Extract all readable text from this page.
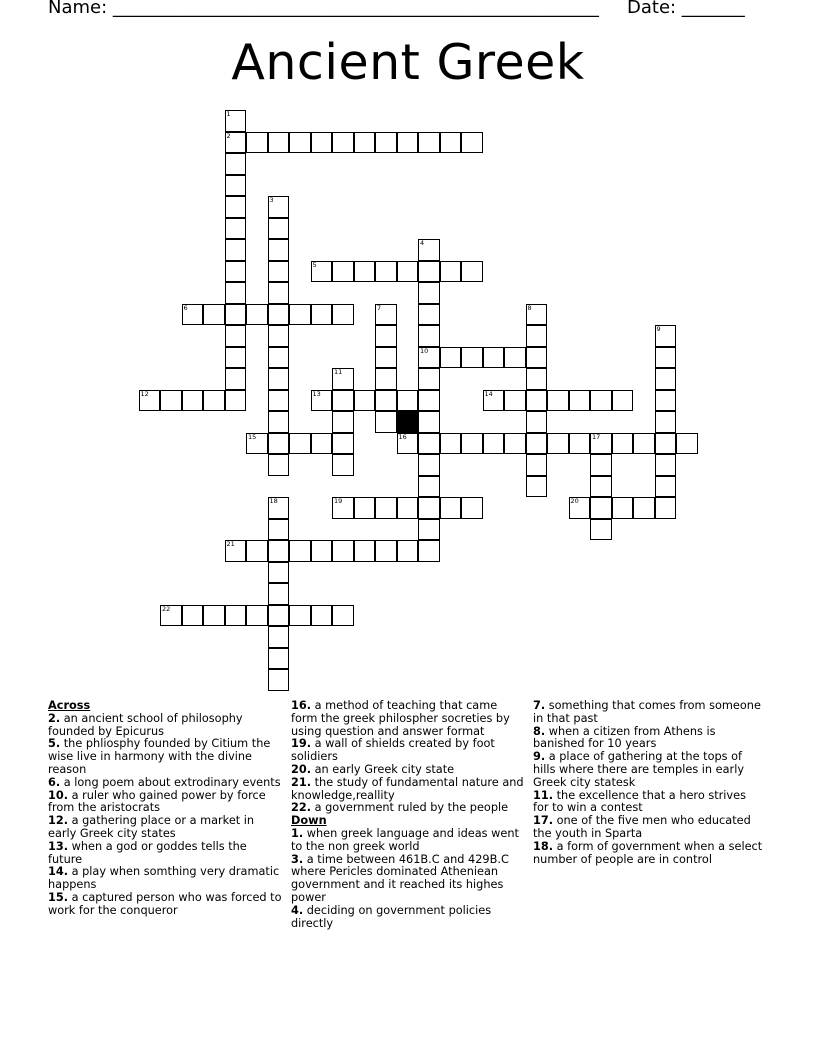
Name: ______________________________________________________ Date: _______
Ancient Greek
1
2
3
4
10
5
6	7	8
9
11
12	13	14
15	16	17
18	19	20
21
22
Across
2. an ancient school of philosophy founded by Epicurus
5. the phliosphy founded by Citium the wise live in harmony with the divine reason
6. a long poem about extrodinary events
10. a ruler who gained power by force from the aristocrats
12. a gathering place or a market in early Greek city states
13. when a god or goddes tells the future
14. a play when somthing very dramatic happens
15. a captured person who was forced to work for the conqueror
16. a method of teaching that came form the greek philospher socreties by using question and answer format
19. a wall of shields created by foot solidiers
20. an early Greek city state
21. the study of fundamental nature and knowledge,reallity
22. a government ruled by the people
Down
1. when greek language and ideas went to the non greek world
3. a time between 461B.C and 429B.C where Pericles dominated Atheniean government and it reached its highes power
4. deciding on government policies directly
7. something that comes from someone in that past
8. when a citizen from Athens is banished for 10 years
9. a place of gathering at the tops of hills where there are temples in early Greek city statesk
11. the excellence that a hero strives for to win a contest
17. one of the five men who educated the youth in Sparta
18. a form of government when a select number of people are in control
